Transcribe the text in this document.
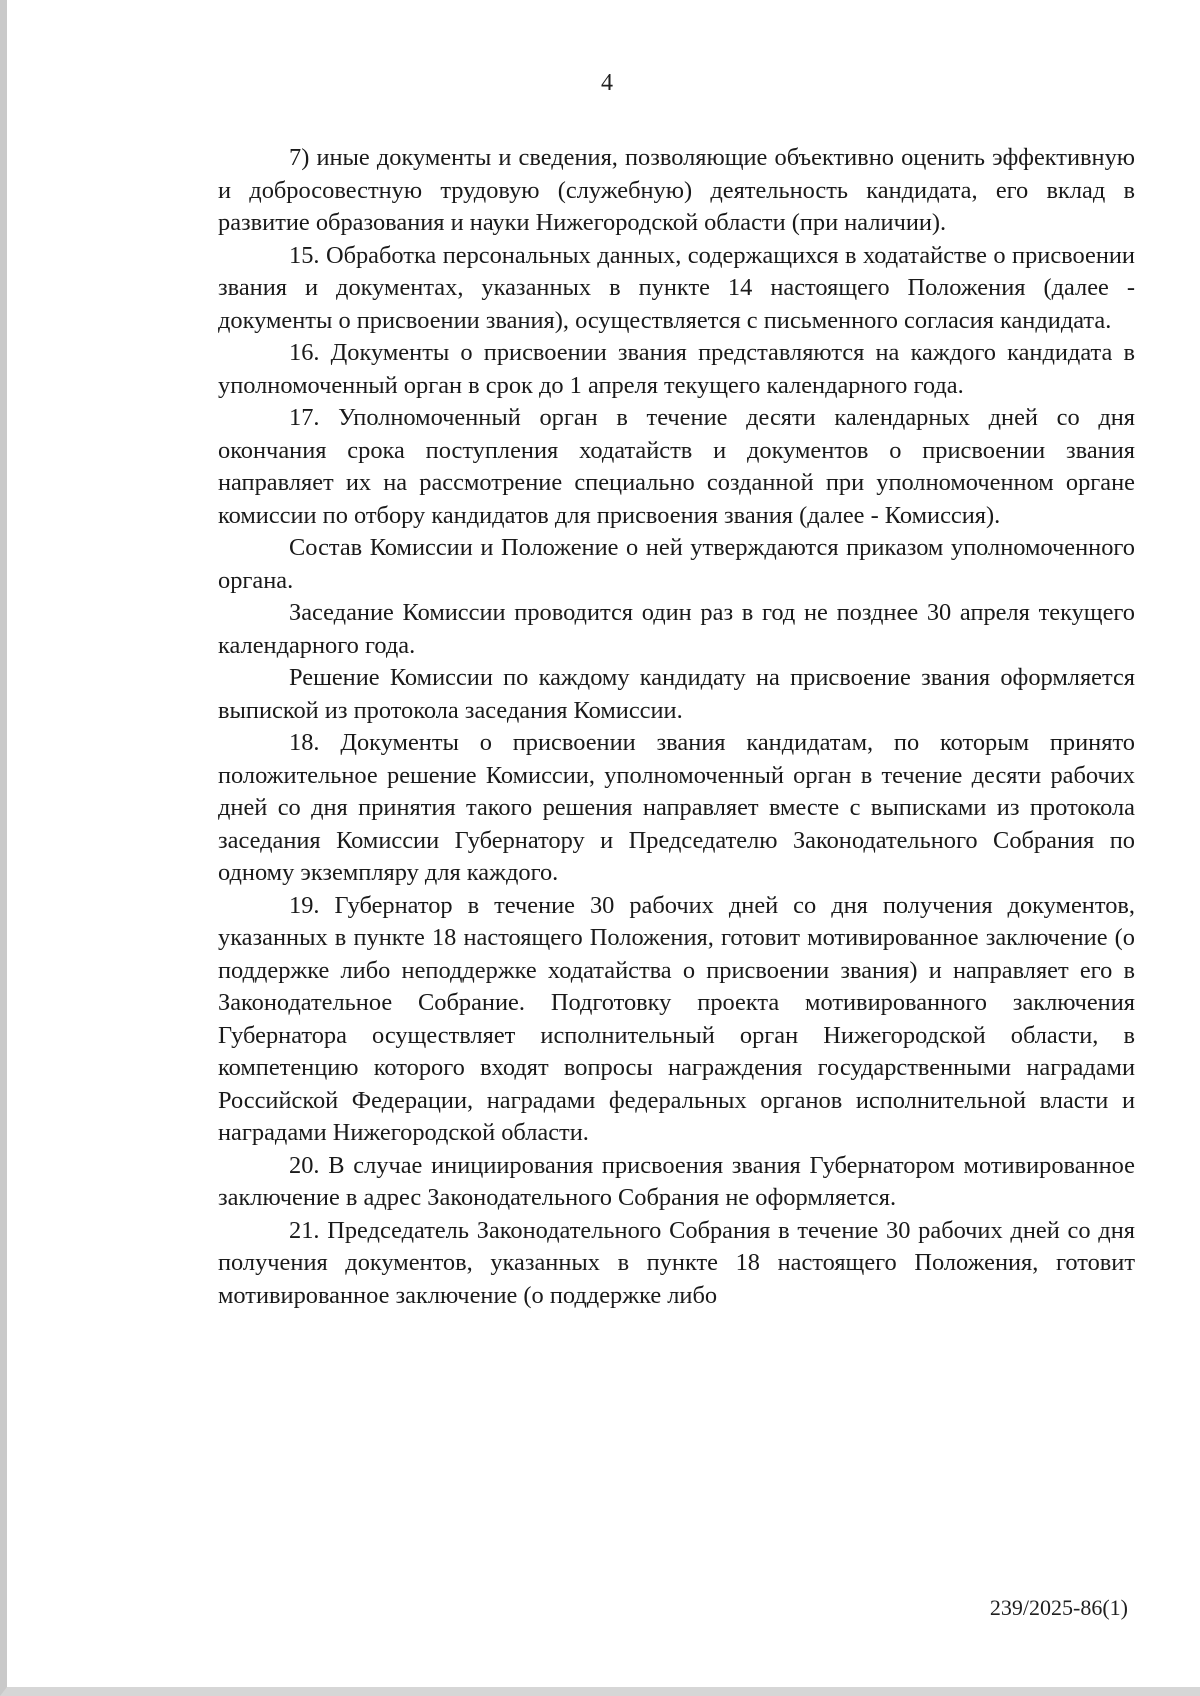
4

7) иные документы и сведения, позволяющие объективно оценить эффективную и добросовестную трудовую (служебную) деятельность кандидата, его вклад в развитие образования и науки Нижегородской области (при наличии).

15. Обработка персональных данных, содержащихся в ходатайстве о присвоении звания и документах, указанных в пункте 14 настоящего Положения (далее - документы о присвоении звания), осуществляется с письменного согласия кандидата.

16. Документы о присвоении звания представляются на каждого кандидата в уполномоченный орган в срок до 1 апреля текущего календарного года.

17. Уполномоченный орган в течение десяти календарных дней со дня окончания срока поступления ходатайств и документов о присвоении звания направляет их на рассмотрение специально созданной при уполномоченном органе комиссии по отбору кандидатов для присвоения звания (далее - Комиссия).

Состав Комиссии и Положение о ней утверждаются приказом уполномоченного органа.

Заседание Комиссии проводится один раз в год не позднее 30 апреля текущего календарного года.

Решение Комиссии по каждому кандидату на присвоение звания оформляется выпиской из протокола заседания Комиссии.

18. Документы о присвоении звания кандидатам, по которым принято положительное решение Комиссии, уполномоченный орган в течение десяти рабочих дней со дня принятия такого решения направляет вместе с выписками из протокола заседания Комиссии Губернатору и Председателю Законодательного Собрания по одному экземпляру для каждого.

19. Губернатор в течение 30 рабочих дней со дня получения документов, указанных в пункте 18 настоящего Положения, готовит мотивированное заключение (о поддержке либо неподдержке ходатайства о присвоении звания) и направляет его в Законодательное Собрание. Подготовку проекта мотивированного заключения Губернатора осуществляет исполнительный орган Нижегородской области, в компетенцию которого входят вопросы награждения государственными наградами Российской Федерации, наградами федеральных органов исполнительной власти и наградами Нижегородской области.

20. В случае инициирования присвоения звания Губернатором мотивированное заключение в адрес Законодательного Собрания не оформляется.

21. Председатель Законодательного Собрания в течение 30 рабочих дней со дня получения документов, указанных в пункте 18 настоящего Положения, готовит мотивированное заключение (о поддержке либо

239/2025-86(1)
